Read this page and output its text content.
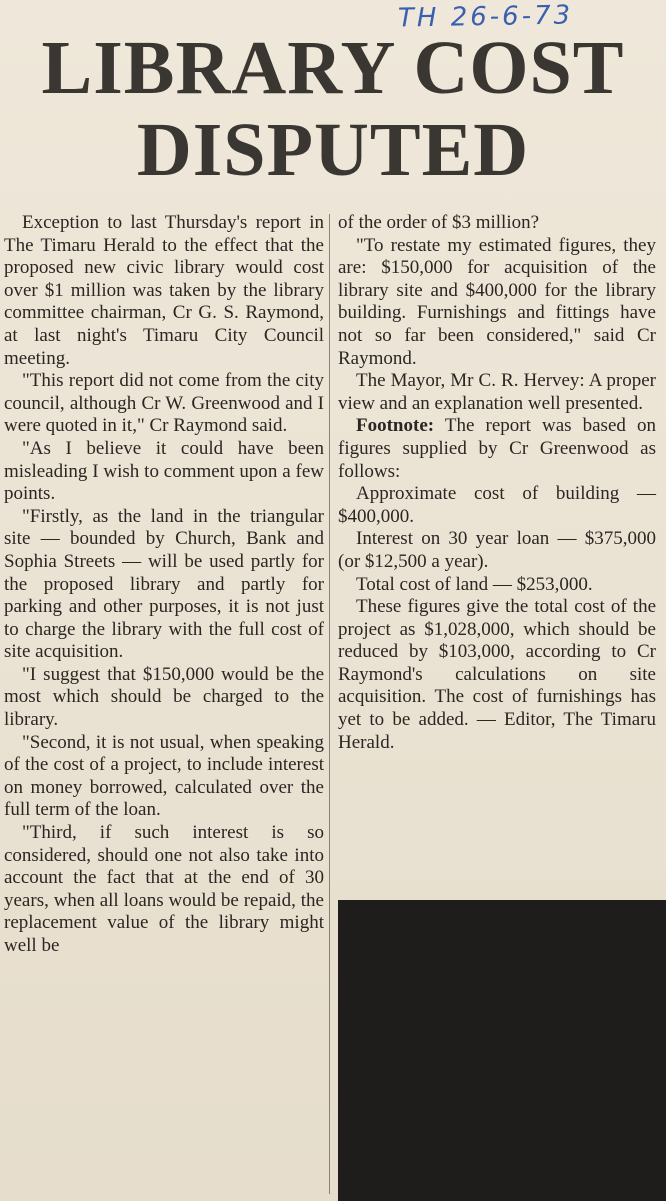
TH 26-6-73
LIBRARY COST
DISPUTED

Exception to last Thursday's report in The Timaru Herald to the effect that the proposed new civic library would cost over $1 million was taken by the library committee chairman, Cr G. S. Raymond, at last night's Timaru City Council meeting.

"This report did not come from the city council, although Cr W. Greenwood and I were quoted in it," Cr Raymond said.

"As I believe it could have been misleading I wish to comment upon a few points.

"Firstly, as the land in the triangular site — bounded by Church, Bank and Sophia Streets — will be used partly for the proposed library and partly for parking and other purposes, it is not just to charge the library with the full cost of site acquisition.

"I suggest that $150,000 would be the most which should be charged to the library.

"Second, it is not usual, when speaking of the cost of a project, to include interest on money borrowed, calculated over the full term of the loan.

"Third, if such interest is so considered, should one not also take into account the fact that at the end of 30 years, when all loans would be repaid, the replacement value of the library might well be

of the order of $3 million?

"To restate my estimated figures, they are: $150,000 for acquisition of the library site and $400,000 for the library building. Furnishings and fittings have not so far been considered," said Cr Raymond.

The Mayor, Mr C. R. Hervey: A proper view and an explanation well presented.

Footnote: The report was based on figures supplied by Cr Greenwood as follows:

Approximate cost of building — $400,000.

Interest on 30 year loan — $375,000 (or $12,500 a year).

Total cost of land — $253,000.

These figures give the total cost of the project as $1,028,000, which should be reduced by $103,000, according to Cr Raymond's calculations on site acquisition. The cost of furnishings has yet to be added. — Editor, The Timaru Herald.
